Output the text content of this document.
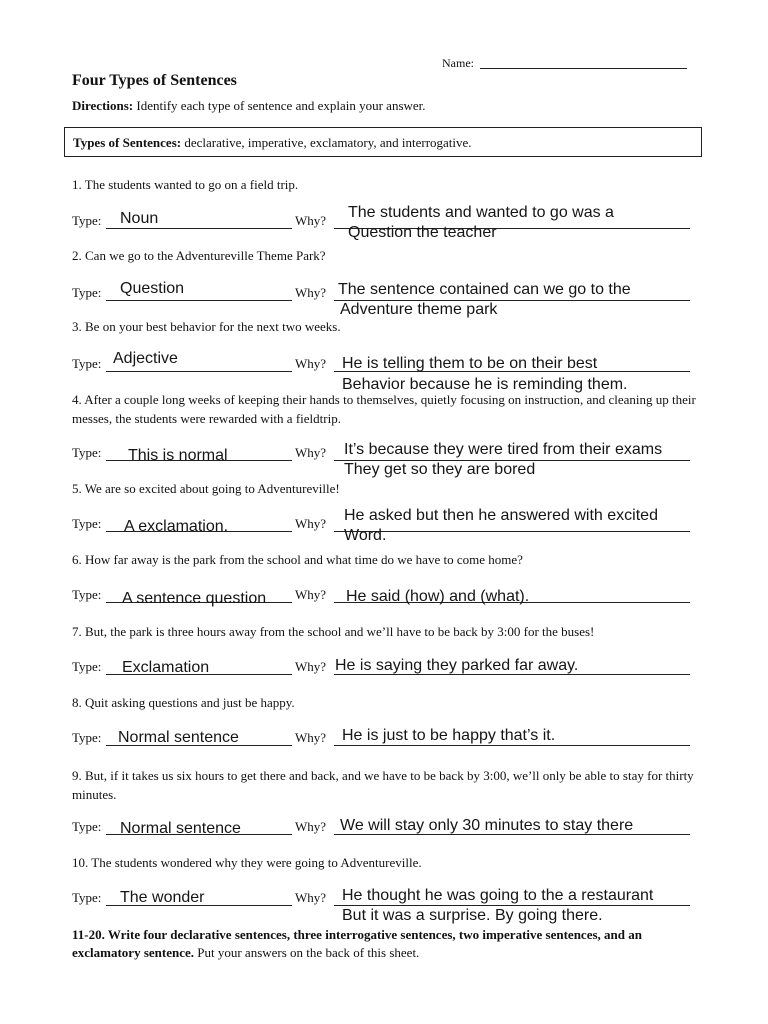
Name:
Four Types of Sentences
Directions: Identify each type of sentence and explain your answer.
Types of Sentences: declarative, imperative, exclamatory, and interrogative.
1. The students wanted to go on a field trip.
Type: Noun	Why? The students and wanted to go was a
Question the teacher
2. Can we go to the Adventureville Theme Park?
Type: Question	Why? The sentence contained can we go to the
Adventure theme park
3. Be on your best behavior for the next two weeks.
Type: Adjective	Why? He is telling them to be on their best
Behavior because he is reminding them.
4. After a couple long weeks of keeping their hands to themselves, quietly focusing on instruction, and cleaning up their messes, the students were rewarded with a fieldtrip.
Type: This is normal	Why? It’s because they were tired from their exams
They get so they are bored
5. We are so excited about going to Adventureville!
Type: A exclamation.	Why? He asked but then he answered with excited
Word.
6. How far away is the park from the school and what time do we have to come home?
Type: A sentence question Why? He said (how) and (what).
7. But, the park is three hours away from the school and we’ll have to be back by 3:00 for the buses!
Type: Exclamation	Why? He is saying they parked far away.
8. Quit asking questions and just be happy.
Type: Normal sentence	Why? He is just to be happy that’s it.
9. But, if it takes us six hours to get there and back, and we have to be back by 3:00, we’ll only be able to stay for thirty minutes.
Type: Normal sentence	Why? We will stay only 30 minutes to stay there
10. The students wondered why they were going to Adventureville.
Type: The wonder	Why? He thought he was going to the a restaurant
But it was a surprise. By going there.
11-20. Write four declarative sentences, three interrogative sentences, two imperative sentences, and an exclamatory sentence. Put your answers on the back of this sheet.
